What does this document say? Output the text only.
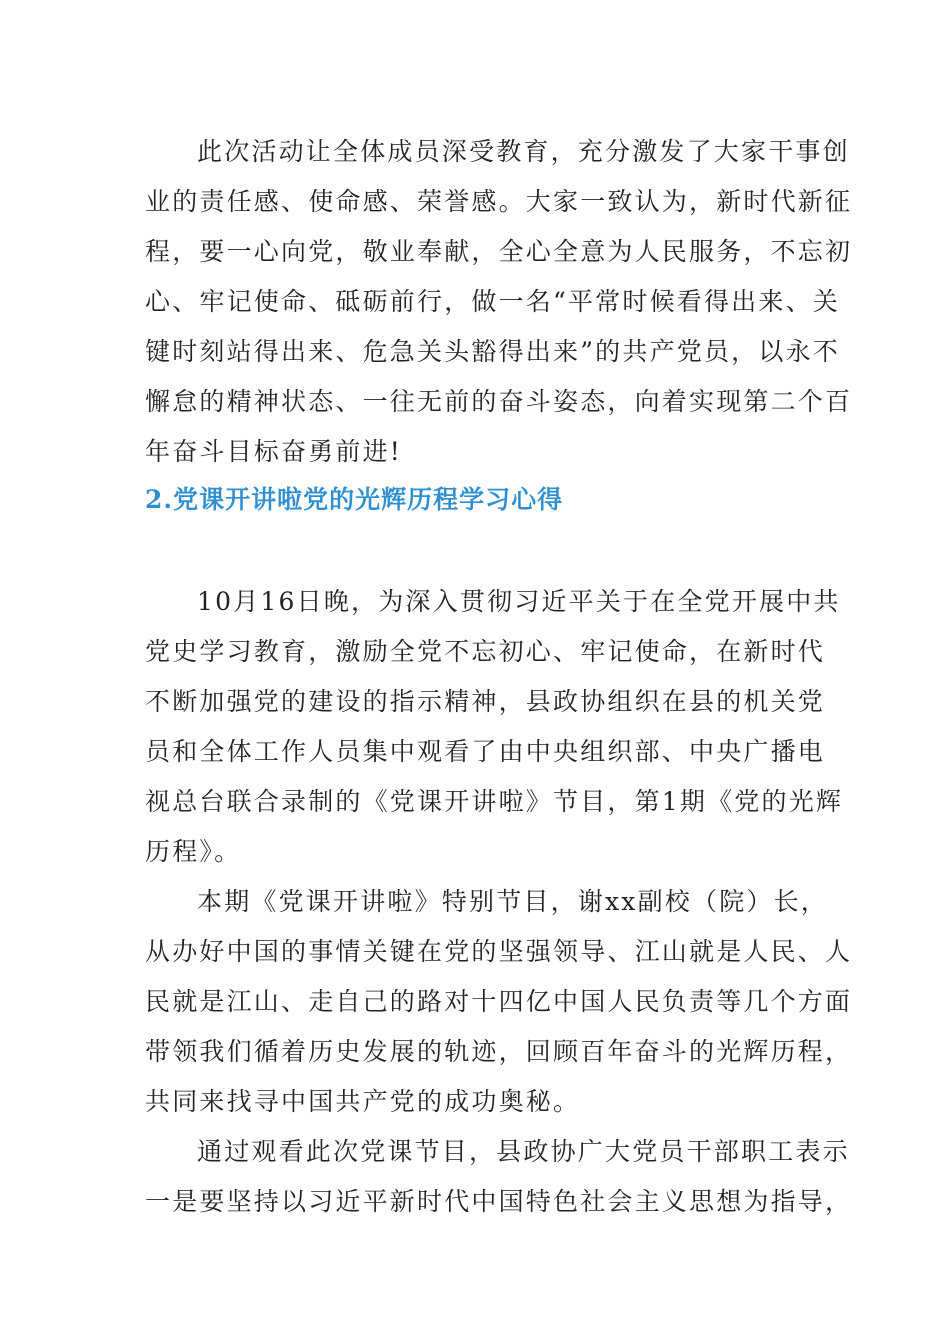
此次活动让全体成员深受教育，充分激发了大家干事创
业的责任感、使命感、荣誉感。大家一致认为，新时代新征
程，要一心向党，敬业奉献，全心全意为人民服务，不忘初
心、牢记使命、砥砺前行，做一名“平常时候看得出来、关
键时刻站得出来、危急关头豁得出来”的共产党员，以永不
懈怠的精神状态、一往无前的奋斗姿态，向着实现第二个百
年奋斗目标奋勇前进!
2.党课开讲啦党的光辉历程学习心得
10月16日晚，为深入贯彻习近平关于在全党开展中共
党史学习教育，激励全党不忘初心、牢记使命，在新时代
不断加强党的建设的指示精神，县政协组织在县的机关党
员和全体工作人员集中观看了由中央组织部、中央广播电
视总台联合录制的《党课开讲啦》节目，第1期《党的光辉
历程》。
本期《党课开讲啦》特别节目，谢xx副校（院）长，
从办好中国的事情关键在党的坚强领导、江山就是人民、人
民就是江山、走自己的路对十四亿中国人民负责等几个方面
带领我们循着历史发展的轨迹，回顾百年奋斗的光辉历程，
共同来找寻中国共产党的成功奥秘。
通过观看此次党课节目，县政协广大党员干部职工表示
一是要坚持以习近平新时代中国特色社会主义思想为指导，
